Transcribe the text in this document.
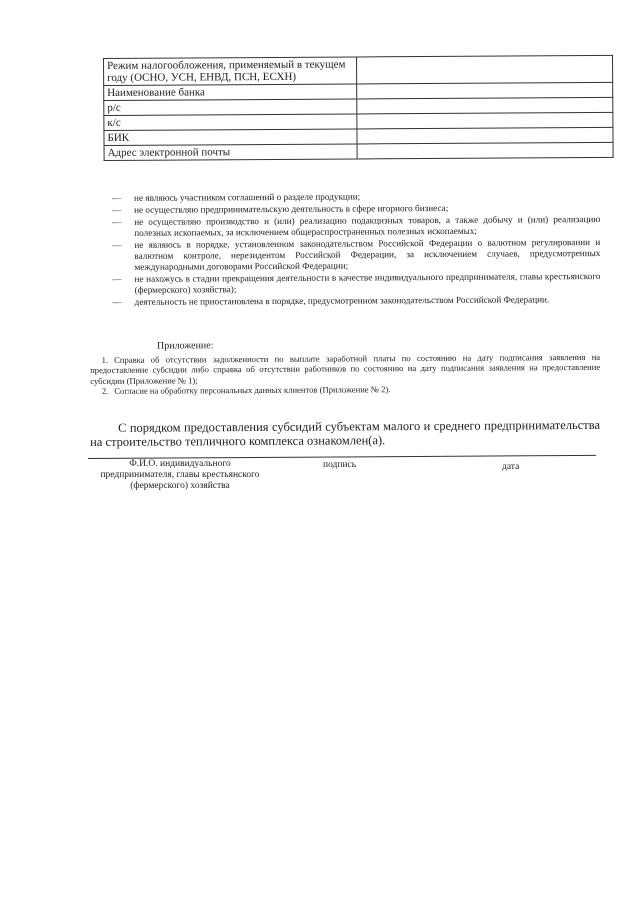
Режим налогообложения, применяемый в текущем году (ОСНО, УСН, ЕНВД, ПСН, ЕСХН)	
Наименование банка	
р/с	
к/с	
БИК	
Адрес электронной почты	
—	не являюсь участником соглашений о разделе продукции;
—	не осуществляю предпринимательскую деятельность в сфере игорного бизнеса;
—	не осуществляю производство и (или) реализацию подакцизных товаров, а также добычу и (или) реализацию полезных ископаемых, за исключением общераспространенных полезных ископаемых;
—	не являюсь в порядке, установленном законодательством Российской Федерации о валютном регулировании и валютном контроле, нерезидентом Российской Федерации, за исключением случаев, предусмотренных международными договорами Российской Федерации;
—	не нахожусь в стадии прекращения деятельности в качестве индивидуального предпринимателя, главы крестьянского (фермерского) хозяйства);
—	деятельность не приостановлена в порядке, предусмотренном законодательством Российской Федерации.
Приложение:
1. Справка об отсутствии задолженности по выплате заработной платы по состоянию на дату подписания заявления на предоставление субсидии либо справка об отсутствии работников по состоянию на дату подписания заявления на предоставление субсидии (Приложение № 1);
2. Согласие на обработку персональных данных клиентов (Приложение № 2).
С порядком предоставления субсидий субъектам малого и среднего предпринимательства на строительство тепличного комплекса ознакомлен(а).
Ф.И.О. индивидуального предпринимателя, главы крестьянского (фермерского) хозяйства
подпись	дата
